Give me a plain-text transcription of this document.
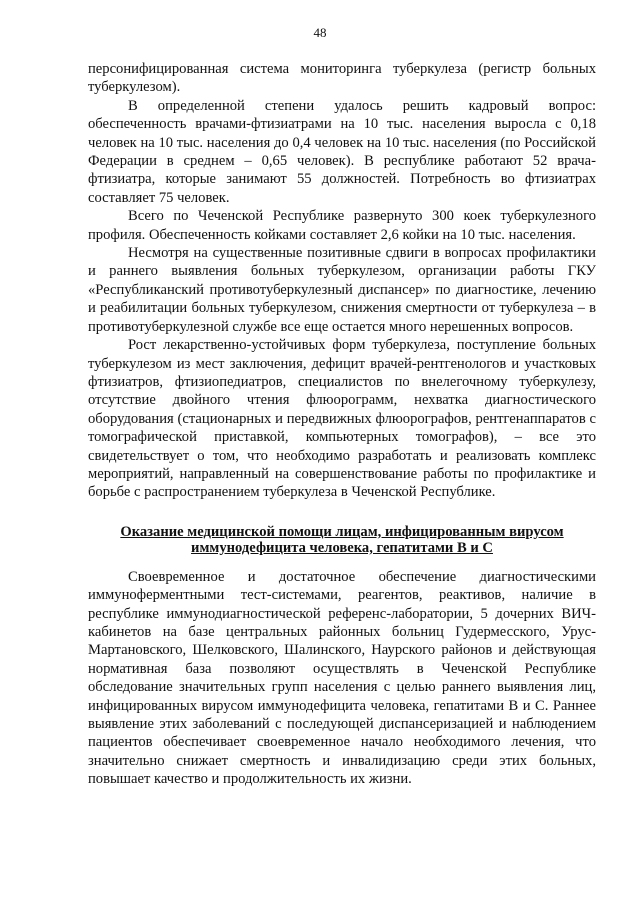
48

персонифицированная система мониторинга туберкулеза (регистр больных туберкулезом).

В определенной степени удалось решить кадровый вопрос: обеспеченность врачами-фтизиатрами на 10 тыс. населения выросла с 0,18 человек на 10 тыс. населения до 0,4 человек на 10 тыс. населения (по Российской Федерации в среднем – 0,65 человек). В республике работают 52 врача-фтизиатра, которые занимают 55 должностей. Потребность во фтизиатрах составляет 75 человек.

Всего по Чеченской Республике развернуто 300 коек туберкулезного профиля. Обеспеченность койками составляет 2,6 койки на 10 тыс. населения.

Несмотря на существенные позитивные сдвиги в вопросах профилактики и раннего выявления больных туберкулезом, организации работы ГКУ «Республиканский противотуберкулезный диспансер» по диагностике, лечению и реабилитации больных туберкулезом, снижения смертности от туберкулеза – в противотуберкулезной службе все еще остается много нерешенных вопросов.

Рост лекарственно-устойчивых форм туберкулеза, поступление больных туберкулезом из мест заключения, дефицит врачей-рентгенологов и участковых фтизиатров, фтизиопедиатров, специалистов по внелегочному туберкулезу, отсутствие двойного чтения флюорограмм, нехватка диагностического оборудования (стационарных и передвижных флюорографов, рентгенаппаратов с томографической приставкой, компьютерных томографов), – все это свидетельствует о том, что необходимо разработать и реализовать комплекс мероприятий, направленный на совершенствование работы по профилактике и борьбе с распространением туберкулеза в Чеченской Республике.

Оказание медицинской помощи лицам, инфицированным вирусом
иммунодефицита человека, гепатитами В и С

Своевременное и достаточное обеспечение диагностическими иммуноферментными тест-системами, реагентов, реактивов, наличие в республике иммунодиагностической референс-лаборатории, 5 дочерних ВИЧ-кабинетов на базе центральных районных больниц Гудермесского, Урус-Мартановского, Шелковского, Шалинского, Наурского районов и действующая нормативная база позволяют осуществлять в Чеченской Республике обследование значительных групп населения с целью раннего выявления лиц, инфицированных вирусом иммунодефицита человека, гепатитами В и С. Раннее выявление этих заболеваний с последующей диспансеризацией и наблюдением пациентов обеспечивает своевременное начало необходимого лечения, что значительно снижает смертность и инвалидизацию среди этих больных, повышает качество и продолжительность их жизни.
